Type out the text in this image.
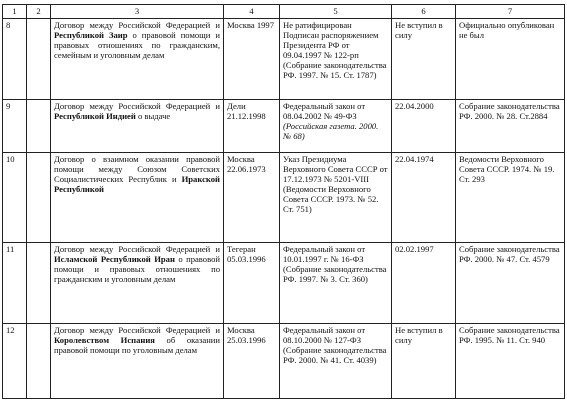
1	2	3	4	5	6	7
8		Договор между Российской Федерацией и Республикой Заир о правовой помощи и правовых отношениях по гражданским, семейным и уголовным делам	Москва 1997	Не ратифицирован Подписан распоряжением Президента РФ от 09.04.1997 № 122-рп (Собрание законодательства РФ. 1997. № 15. Ст. 1787)	Не вступил в силу	Официально опубликован не был
9		Договор между Российской Федерацией и Республикой Индией о выдаче	Дели 21.12.1998	Федеральный закон от 08.04.2002 № 49-ФЗ (Российская газета. 2000. № 68)	22.04.2000	Собрание законодательства РФ. 2000. № 28. Ст.2884
10		Договор о взаимном оказании правовой помощи между Союзом Советских Социалистических Республик и Иракской Республикой	Москва 22.06.1973	Указ Президиума Верховного Совета СССР от 17.12.1973 № 5201-VIII (Ведомости Верховного Совета СССР. 1973. № 52. Ст. 751)	22.04.1974	Ведомости Верховного Совета СССР. 1974. № 19. Ст. 293
11		Договор между Российской Федерацией и Исламской Республикой Иран о правовой помощи и правовых отношениях по гражданским и уголовным делам	Тегеран 05.03.1996	Федеральный закон от 10.01.1997 г. № 16-ФЗ (Собрание законодательства РФ. 1997. № 3. Ст. 360)	02.02.1997	Собрание законодательства РФ. 2000. № 47. Ст. 4579
12		Договор между Российской Федерацией и Королевством Испания об оказании правовой помощи по уголовным делам	Москва 25.03.1996	Федеральный закон от 08.10.2000 № 127-ФЗ (Собрание законодательства РФ. 2000. № 41. Ст. 4039)	Не вступил в силу	Собрание законодательства РФ. 1995. № 11. Ст. 940
